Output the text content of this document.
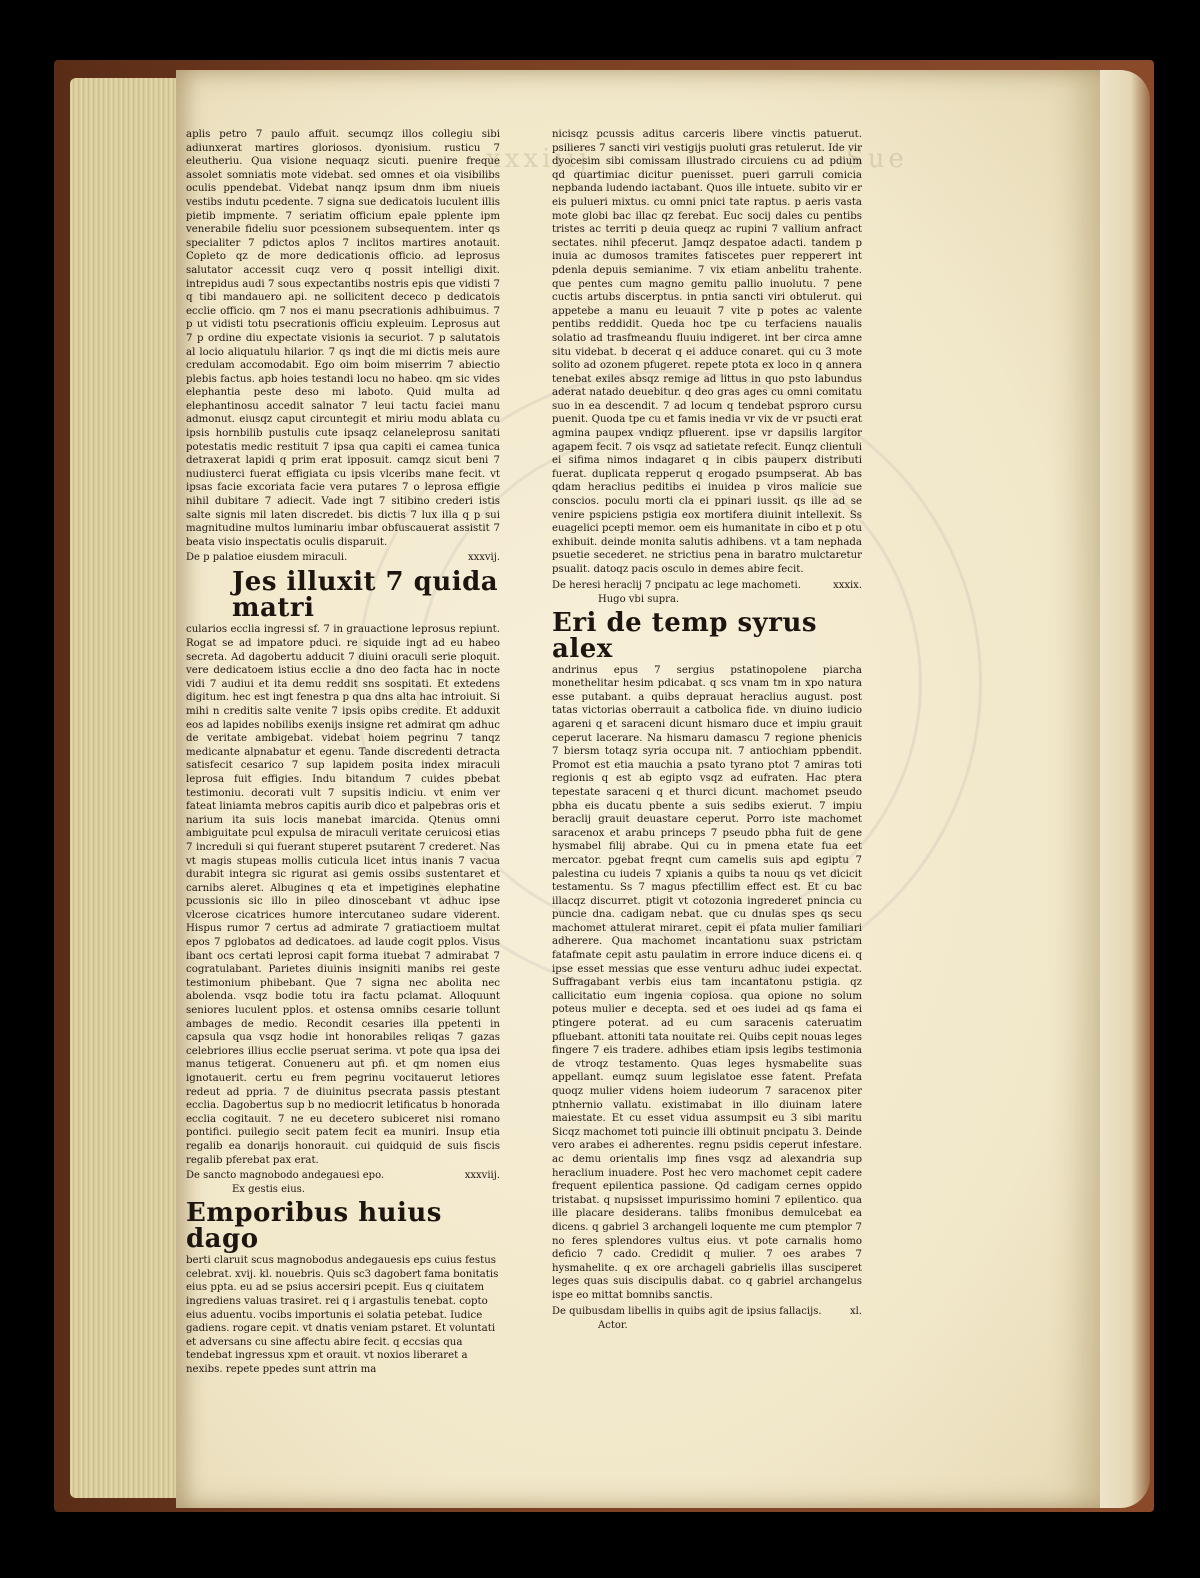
xxxiiij	Sue

aplis petro 7 paulo affuit. secumqz illos collegiu sibi adiunxerat martires gloriosos. dyonisium. rusticu 7 eleutheriu. Qua visione nequaqz sicuti. puenire freque assolet somniatis mote videbat. sed omnes et oia visibilibs oculis ppendebat. Videbat nanqz ipsum dnm ibm niueis vestibs indutu pcedente. 7 signa sue dedicatois luculent illis pietib impmente. 7 seriatim officium epale pplente ipm venerabile fideliu suor pcessionem subsequentem. inter qs specialiter 7 pdictos aplos 7 inclitos martires anotauit. Copleto qz de more dedicationis officio. ad leprosus salutator accessit cuqz vero q possit intelligi dixit. intrepidus audi 7 sous expectantibs nostris epis que vidisti 7 q tibi mandauero api. ne sollicitent dececo p dedicatois ecclie officio. qm 7 nos ei manu psecrationis adhibuimus. 7 p ut vidisti totu psecrationis officiu expleuim. Leprosus aut 7 p ordine diu expectate visionis ia securiot. 7 p salutatois al locio aliquatulu hilarior. 7 qs inqt die mi dictis meis aure credulam accomodabit. Ego oim boim miserrim 7 abiectio plebis factus. apb hoies testandi locu no habeo. qm sic vides elephantia peste deso mi laboto. Quid multa ad elephantinosu accedit salnator 7 leui tactu faciei manu admonut. eiusqz caput circuntegit et miriu modu ablata cu ipsis hornbilib pustulis cute ipsaqz celaneleprosu sanitati potestatis medic restituit 7 ipsa qua capiti ei camea tunica detraxerat lapidi q prim erat ipposuit. camqz sicut beni 7 nudiusterci fuerat effigiata cu ipsis vlceribs mane fecit. vt ipsas facie excoriata facie vera putares 7 o leprosa effigie nihil dubitare 7 adiecit. Vade ingt 7 sitibino crederi istis salte signis mil laten discredet. bis dictis 7 lux illa q p sui magnitudine multos luminariu imbar obfuscauerat assistit 7 beata visio inspectatis oculis disparuit.

De p palatioe eiusdem miraculi.	xxxvij.
Jes illuxit 7 quida matri

cularios ecclia ingressi sf. 7 in grauactione leprosus repiunt. Rogat se ad impatore pduci. re siquide ingt ad eu habeo secreta. Ad dagobertu adducit 7 diuini oraculi serie ploquit. vere dedicatoem istius ecclie a dno deo facta hac in nocte vidi 7 audiui et ita demu reddit sns sospitati. Et extedens digitum. hec est ingt fenestra p qua dns alta hac introiuit. Si mihi n creditis salte venite 7 ipsis opibs credite. Et adduxit eos ad lapides nobilibs exenijs insigne ret admirat qm adhuc de veritate ambigebat. videbat hoiem pegrinu 7 tanqz medicante alpnabatur et egenu. Tande discredenti detracta satisfecit cesarico 7 sup lapidem posita index miraculi leprosa fuit effigies. Indu bitandum 7 cuides pbebat testimoniu. decorati vult 7 supsitis indiciu. vt enim ver fateat liniamta mebros capitis aurib dico et palpebras oris et narium ita suis locis manebat imarcida. Qtenus omni ambiguitate pcul expulsa de miraculi veritate ceruicosi etias 7 increduli si qui fuerant stuperet psutarent 7 crederet. Nas vt magis stupeas mollis cuticula licet intus inanis 7 vacua durabit integra sic rigurat asi gemis ossibs sustentaret et carnibs aleret. Albugines q eta et impetigines elephatine pcussionis sic illo in pileo dinoscebant vt adhuc ipse vlcerose cicatrices humore intercutaneo sudare viderent. Hispus rumor 7 certus ad admirate 7 gratiactioem multat epos 7 pglobatos ad dedicatoes. ad laude cogit pplos. Visus ibant ocs certati leprosi capit forma ituebat 7 admirabat 7 cogratulabant. Parietes diuinis insigniti manibs rei geste testimonium phibebant. Que 7 signa nec abolita nec abolenda. vsqz bodie totu ira factu pclamat. Alloquunt seniores luculent pplos. et ostensa omnibs cesarie tollunt ambages de medio. Recondit cesaries illa ppetenti in capsula qua vsqz hodie int honorabiles reliqas 7 gazas celebriores illius ecclie pseruat serima. vt pote qua ipsa dei manus tetigerat. Conueneru aut pfi. et qm nomen eius ignotauerit. certu eu frem pegrinu vocitauerut letiores redeut ad ppria. 7 de diuinitus psecrata passis ptestant ecclia. Dagobertus sup b no mediocrit letificatus b honorada ecclia cogitauit. 7 ne eu decetero subiceret nisi romano pontifici. puilegio secit patem fecit ea muniri. Insup etia regalib ea donarijs honorauit. cui quidquid de suis fiscis regalib pferebat pax erat.

De sancto magnobodo andegauesi epo.	xxxviij.
Ex gestis eius.
Emporibus huius dago

berti claruit scus magnobodus andegauesis eps cuius festus celebrat. xvij. kl. nouebris. Quis sc3 dagobert fama bonitatis eius ppta. eu ad se psius accersiri pcepit. Eus q ciuitatem ingrediens valuas trasiret. rei q i argastulis tenebat. copto eius aduentu. vocibs importunis ei solatia petebat. Iudice gadiens. rogare cepit. vt dnatis veniam pstaret. Et voluntati et adversans cu sine affectu abire fecit. q eccsias qua tendebat ingressus xpm et orauit. vt noxios liberaret a nexibs. repete ppedes sunt attrin ma

nicisqz pcussis aditus carceris libere vinctis patuerut. psilieres 7 sancti viri vestigijs puoluti gras retulerut. Ide vir dyocesim sibi comissam illustrado circuiens cu ad pdium qd quartimiac dicitur puenisset. pueri garruli comicia nepbanda ludendo iactabant. Quos ille intuete. subito vir er eis pulueri mixtus. cu omni pnici tate raptus. p aeris vasta mote globi bac illac qz ferebat. Euc socij dales cu pentibs tristes ac territi p deuia queqz ac rupini 7 vallium anfract sectates. nihil pfecerut. Jamqz despatoe adacti. tandem p inuia ac dumosos tramites fatiscetes puer repperert int pdenla depuis semianime. 7 vix etiam anbelitu trahente. que pentes cum magno gemitu pallio inuolutu. 7 pene cuctis artubs discerptus. in pntia sancti viri obtulerut. qui appetebe a manu eu leuauit 7 vite p potes ac valente pentibs reddidit. Queda hoc tpe cu terfaciens naualis solatio ad trasfmeandu fluuiu indigeret. int ber circa amne situ videbat. b decerat q ei adduce conaret. qui cu 3 mote solito ad ozonem pfugeret. repete ptota ex loco in q annera tenebat exiles absqz remige ad littus in quo psto labundus aderat natado deuebitur. q deo gras ages cu omni comitatu suo in ea descendit. 7 ad locum q tendebat psproro cursu puenit. Quoda tpe cu et famis inedia vr vix de vr psucti erat agmina paupex vndiqz pfluerent. ipse vr dapsilis largitor agapem fecit. 7 ois vsqz ad satietate refecit. Eunqz clientuli ei sifima nimos indagaret q in cibis pauperx distributi fuerat. duplicata repperut q erogado psumpserat. Ab bas qdam heraclius peditibs ei inuidea p viros malicie sue conscios. poculu morti cla ei ppinari iussit. qs ille ad se venire pspiciens pstigia eox mortifera diuinit intellexit. Ss euagelici pcepti memor. oem eis humanitate in cibo et p otu exhibuit. deinde monita salutis adhibens. vt a tam nephada psuetie secederet. ne strictius pena in baratro mulctaretur psualit. datoqz pacis osculo in demes abire fecit.

De heresi heraclij 7 pncipatu ac lege machometi.	xxxix.
Hugo vbi supra.
Eri de temp syrus alex

andrinus epus 7 sergius pstatinopolene piarcha monethelitar hesim pdicabat. q scs vnam tm in xpo natura esse putabant. a quibs deprauat heraclius august. post tatas victorias oberrauit a catbolica fide. vn diuino iudicio agareni q et saraceni dicunt hismaro duce et impiu grauit ceperut lacerare. Na hismaru damascu 7 regione phenicis 7 biersm totaqz syria occupa nit. 7 antiochiam ppbendit. Promot est etia mauchia a psato tyrano ptot 7 amiras toti regionis q est ab egipto vsqz ad eufraten. Hac ptera tepestate saraceni q et thurci dicunt. machomet pseudo pbha eis ducatu pbente a suis sedibs exierut. 7 impiu beraclij grauit deuastare ceperut. Porro iste machomet saracenox et arabu princeps 7 pseudo pbha fuit de gene hysmabel filij abrabe. Qui cu in pmena etate fua eet mercator. pgebat freqnt cum camelis suis apd egiptu 7 palestina cu iudeis 7 xpianis a quibs ta nouu qs vet dicicit testamentu. Ss 7 magus pfectillim effect est. Et cu bac illacqz discurret. ptigit vt cotozonia ingrederet pnincia cu puncie dna. cadigam nebat. que cu dnulas spes qs secu machomet attulerat miraret. cepit ei pfata mulier familiari adherere. Qua machomet incantationu suax pstrictam fatafmate cepit astu paulatim in errore induce dicens ei. q ipse esset messias que esse venturu adhuc iudei expectat. Suffragabant verbis eius tam incantatonu pstigia. qz callicitatio eum ingenia copiosa. qua opione no solum poteus mulier e decepta. sed et oes iudei ad qs fama ei ptingere poterat. ad eu cum saracenis cateruatim pfluebant. attoniti tata nouitate rei. Quibs cepit nouas leges fingere 7 eis tradere. adhibes etiam ipsis legibs testimonia de vtroqz testamento. Quas leges hysmabelite suas appellant. eumqz suum legislatoe esse fatent. Prefata quoqz mulier videns hoiem iudeorum 7 saracenox piter ptnhernio vallatu. existimabat in illo diuinam latere maiestate. Et cu esset vidua assumpsit eu 3 sibi maritu Sicqz machomet toti puincie illi obtinuit pncipatu 3. Deinde vero arabes ei adherentes. regnu psidis ceperut infestare. ac demu orientalis imp fines vsqz ad alexandria sup heraclium inuadere. Post hec vero machomet cepit cadere frequent epilentica passione. Qd cadigam cernes oppido tristabat. q nupsisset impurissimo homini 7 epilentico. qua ille placare desiderans. talibs fmonibus demulcebat ea dicens. q gabriel 3 archangeli loquente me cum ptemplor 7 no feres splendores vultus eius. vt pote carnalis homo deficio 7 cado. Credidit q mulier. 7 oes arabes 7 hysmahelite. q ex ore archageli gabrielis illas susciperet leges quas suis discipulis dabat. co q gabriel archangelus ispe eo mittat bomnibs sanctis.

De quibusdam libellis in quibs agit de ipsius fallacijs.	xl.
Actor.
